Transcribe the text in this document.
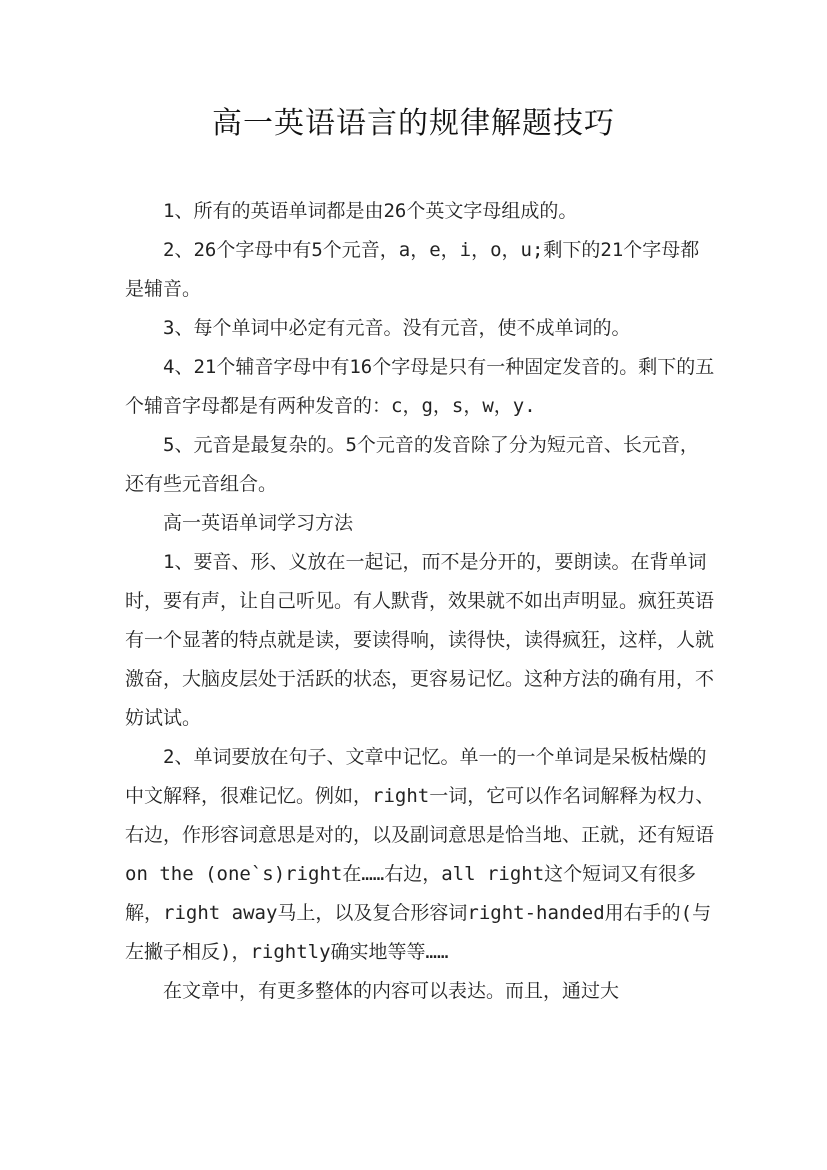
高一英语语言的规律解题技巧

1、所有的英语单词都是由26个英文字母组成的。

2、26个字母中有5个元音，a，e，i，o，u;剩下的21个字母都是辅音。

3、每个单词中必定有元音。没有元音，使不成单词的。

4、21个辅音字母中有16个字母是只有一种固定发音的。剩下的五个辅音字母都是有两种发音的：c，g，s，w，y.

5、元音是最复杂的。5个元音的发音除了分为短元音、长元音，还有些元音组合。

高一英语单词学习方法

1、要音、形、义放在一起记，而不是分开的，要朗读。在背单词时，要有声，让自己听见。有人默背，效果就不如出声明显。疯狂英语有一个显著的特点就是读，要读得响，读得快，读得疯狂，这样，人就激奋，大脑皮层处于活跃的状态，更容易记忆。这种方法的确有用，不妨试试。

2、单词要放在句子、文章中记忆。单一的一个单词是呆板枯燥的中文解释，很难记忆。例如，right一词，它可以作名词解释为权力、右边，作形容词意思是对的，以及副词意思是恰当地、正就，还有短语on the (one`s)right在……右边，all right这个短词又有很多解，right away马上，以及复合形容词right-handed用右手的(与左撇子相反)，rightly确实地等等……

在文章中，有更多整体的内容可以表达。而且，通过大
